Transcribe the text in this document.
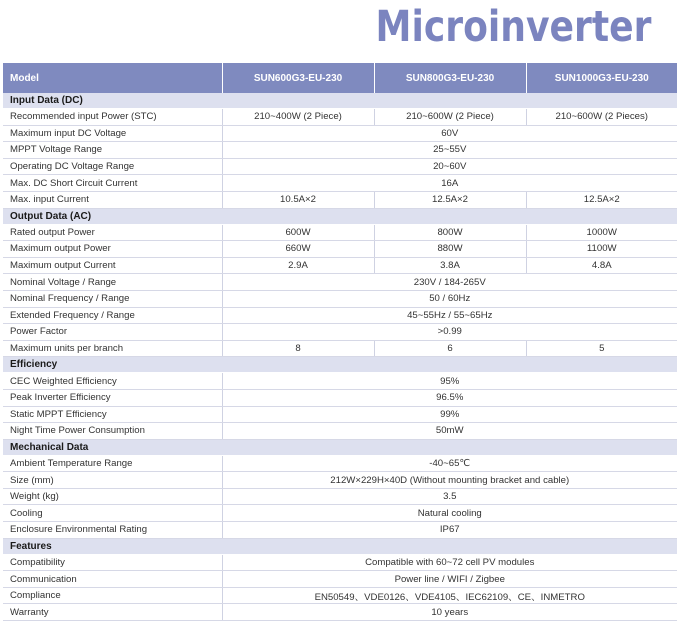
Microinverter
Model	SUN600G3-EU-230	SUN800G3-EU-230	SUN1000G3-EU-230
Input Data (DC)			
Recommended input Power (STC)	210~400W (2 Piece)	210~600W (2 Piece)	210~600W (2 Pieces)
Maximum input DC Voltage	60V		
MPPT Voltage Range	25~55V		
Operating DC Voltage Range	20~60V		
Max. DC Short Circuit Current	16A		
Max. input Current	10.5A×2	12.5A×2	12.5A×2
Output Data (AC)			
Rated output Power	600W	800W	1000W
Maximum output Power	660W	880W	1100W
Maximum output Current	2.9A	3.8A	4.8A
Nominal Voltage / Range	230V / 184-265V		
Nominal Frequency / Range	50 / 60Hz		
Extended Frequency / Range	45~55Hz / 55~65Hz		
Power Factor	>0.99		
Maximum units per branch	8	6	5
Efficiency			
CEC Weighted Efficiency	95%		
Peak Inverter Efficiency	96.5%		
Static MPPT Efficiency	99%		
Night Time Power Consumption	50mW		
Mechanical Data			
Ambient Temperature Range	-40~65℃		
Size (mm)	212W×229H×40D (Without mounting bracket and cable)		
Weight (kg)	3.5		
Cooling	Natural cooling		
Enclosure Environmental Rating	IP67		
Features			
Compatibility	Compatible with 60~72 cell PV modules		
Communication	Power line / WIFI / Zigbee		
Compliance	EN50549、VDE0126、VDE4105、IEC62109、CE、INMETRO		
Warranty	10 years		
